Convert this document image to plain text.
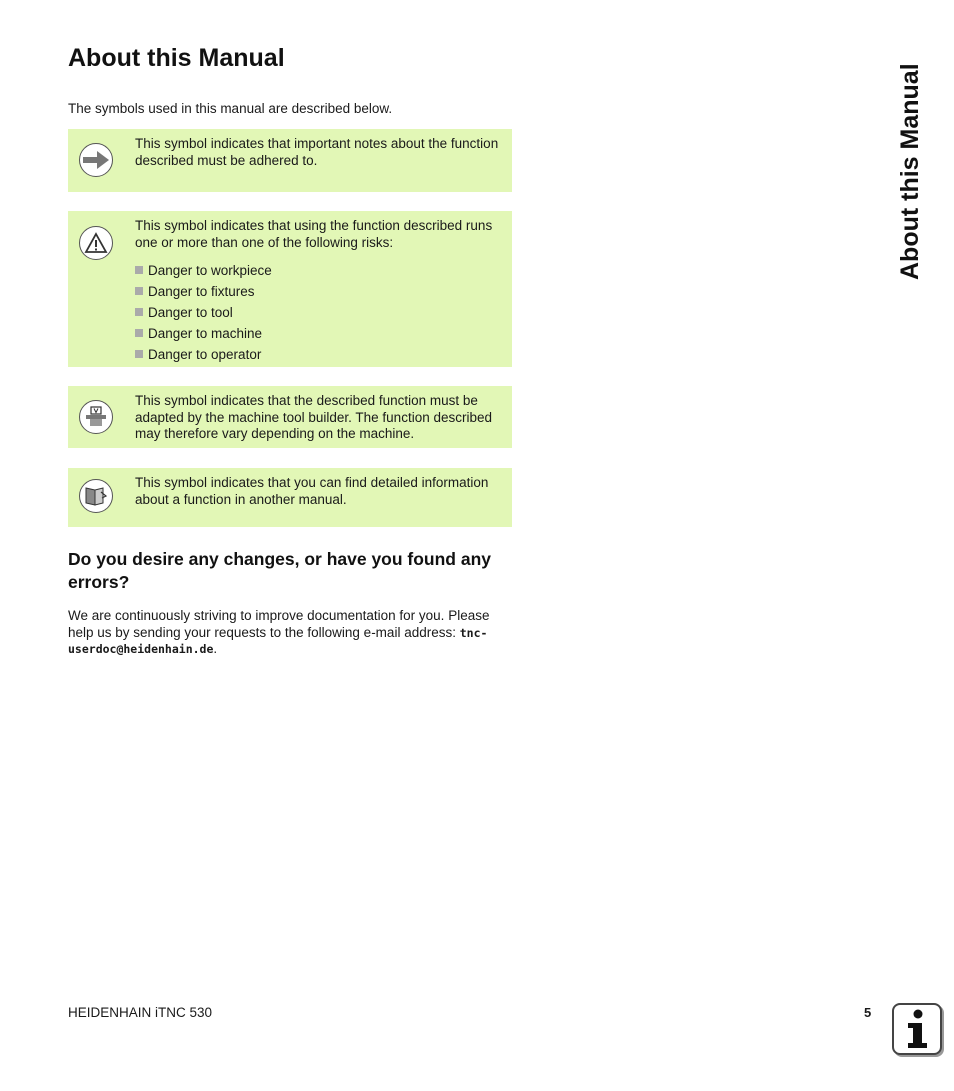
About this Manual

The symbols used in this manual are described below.

This symbol indicates that important notes about the function described must be adhered to.
This symbol indicates that using the function described runs one or more than one of the following risks:
Danger to workpiece
Danger to fixtures
Danger to tool
Danger to machine
Danger to operator
This symbol indicates that the described function must be adapted by the machine tool builder. The function described may therefore vary depending on the machine.
This symbol indicates that you can find detailed information about a function in another manual.
Do you desire any changes, or have you found any errors?

We are continuously striving to improve documentation for you. Please help us by sending your requests to the following e-mail address: tnc-userdoc@heidenhain.de.

About this Manual
HEIDENHAIN iTNC 530	5
